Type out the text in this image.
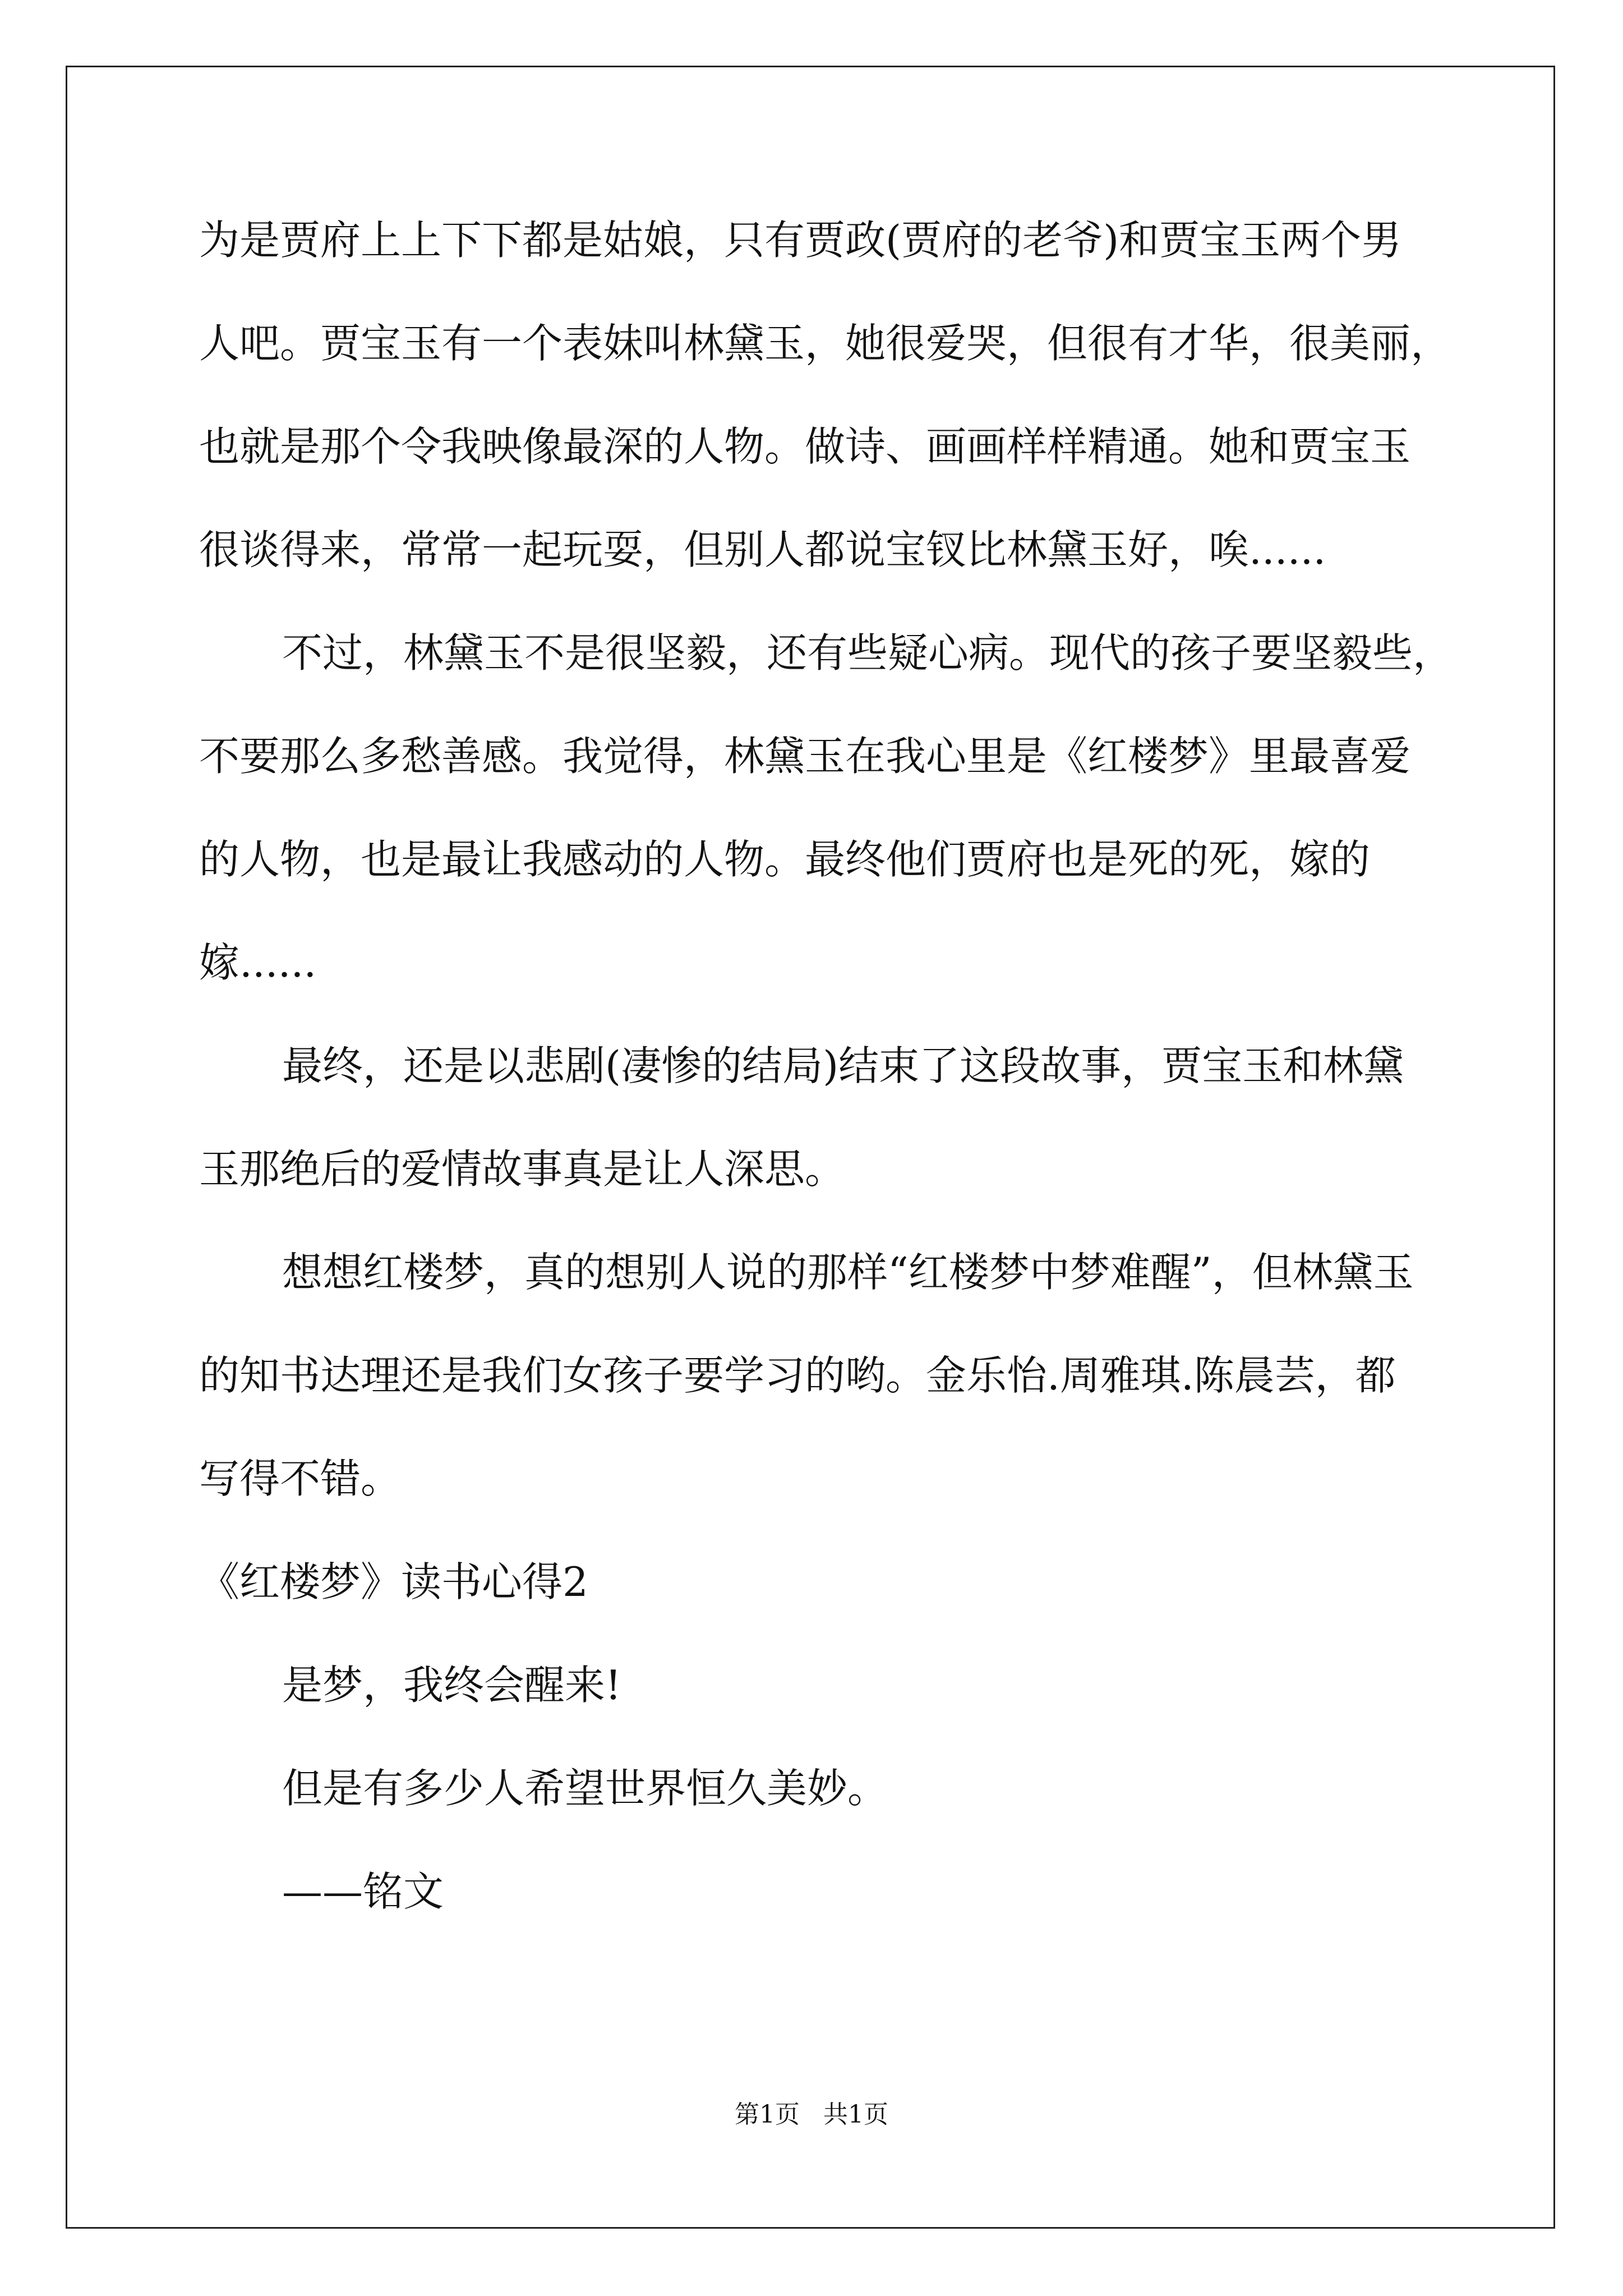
为是贾府上上下下都是姑娘，只有贾政(贾府的老爷)和贾宝玉两个男
人吧。贾宝玉有一个表妹叫林黛玉，她很爱哭，但很有才华，很美丽，
也就是那个令我映像最深的人物。做诗、画画样样精通。她和贾宝玉
很谈得来，常常一起玩耍，但别人都说宝钗比林黛玉好，唉......
不过，林黛玉不是很坚毅，还有些疑心病。现代的孩子要坚毅些，
不要那么多愁善感。我觉得，林黛玉在我心里是《红楼梦》里最喜爱
的人物，也是最让我感动的人物。最终他们贾府也是死的死，嫁的
嫁......
最终，还是以悲剧(凄惨的结局)结束了这段故事，贾宝玉和林黛
玉那绝后的爱情故事真是让人深思。
想想红楼梦，真的想别人说的那样“红楼梦中梦难醒”，但林黛玉
的知书达理还是我们女孩子要学习的哟。金乐怡.周雅琪.陈晨芸，都
写得不错。
《红楼梦》读书心得2
是梦，我终会醒来!
但是有多少人希望世界恒久美妙。
——铭文
第1页   共1页
